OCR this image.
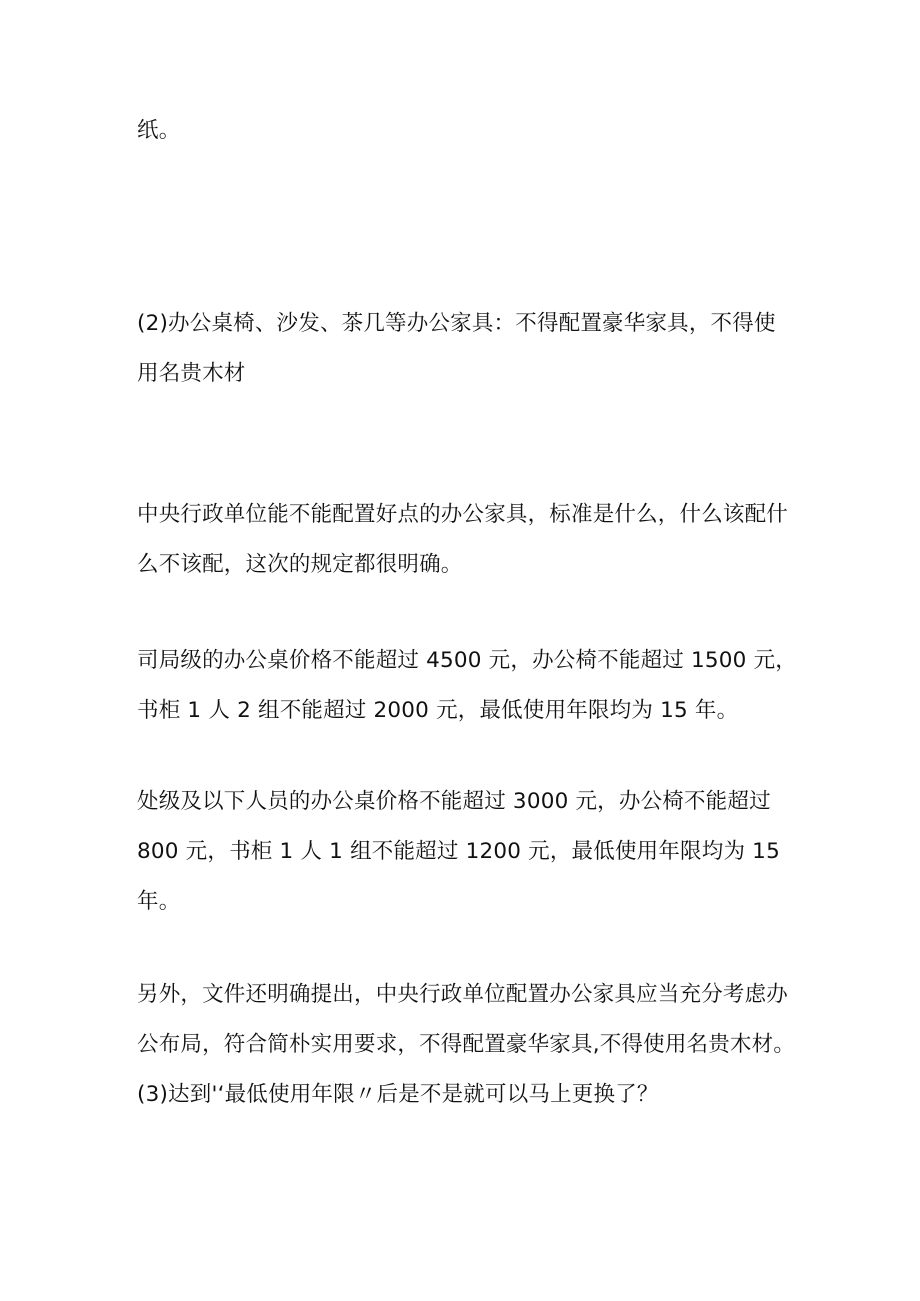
纸。

(2)办公桌椅、沙发、茶几等办公家具：不得配置豪华家具，不得使
用名贵木材

中央行政单位能不能配置好点的办公家具，标准是什么，什么该配什
么不该配，这次的规定都很明确。

司局级的办公桌价格不能超过 4500 元，办公椅不能超过 1500 元，
书柜 1 人 2 组不能超过 2000 元，最低使用年限均为 15 年。

处级及以下人员的办公桌价格不能超过 3000 元，办公椅不能超过
800 元，书柜 1 人 1 组不能超过 1200 元，最低使用年限均为 15
年。

另外，文件还明确提出，中央行政单位配置办公家具应当充分考虑办
公布局，符合简朴实用要求，不得配置豪华家具,不得使用名贵木材。
(3)达到'‘最低使用年限〃后是不是就可以马上更换了？
